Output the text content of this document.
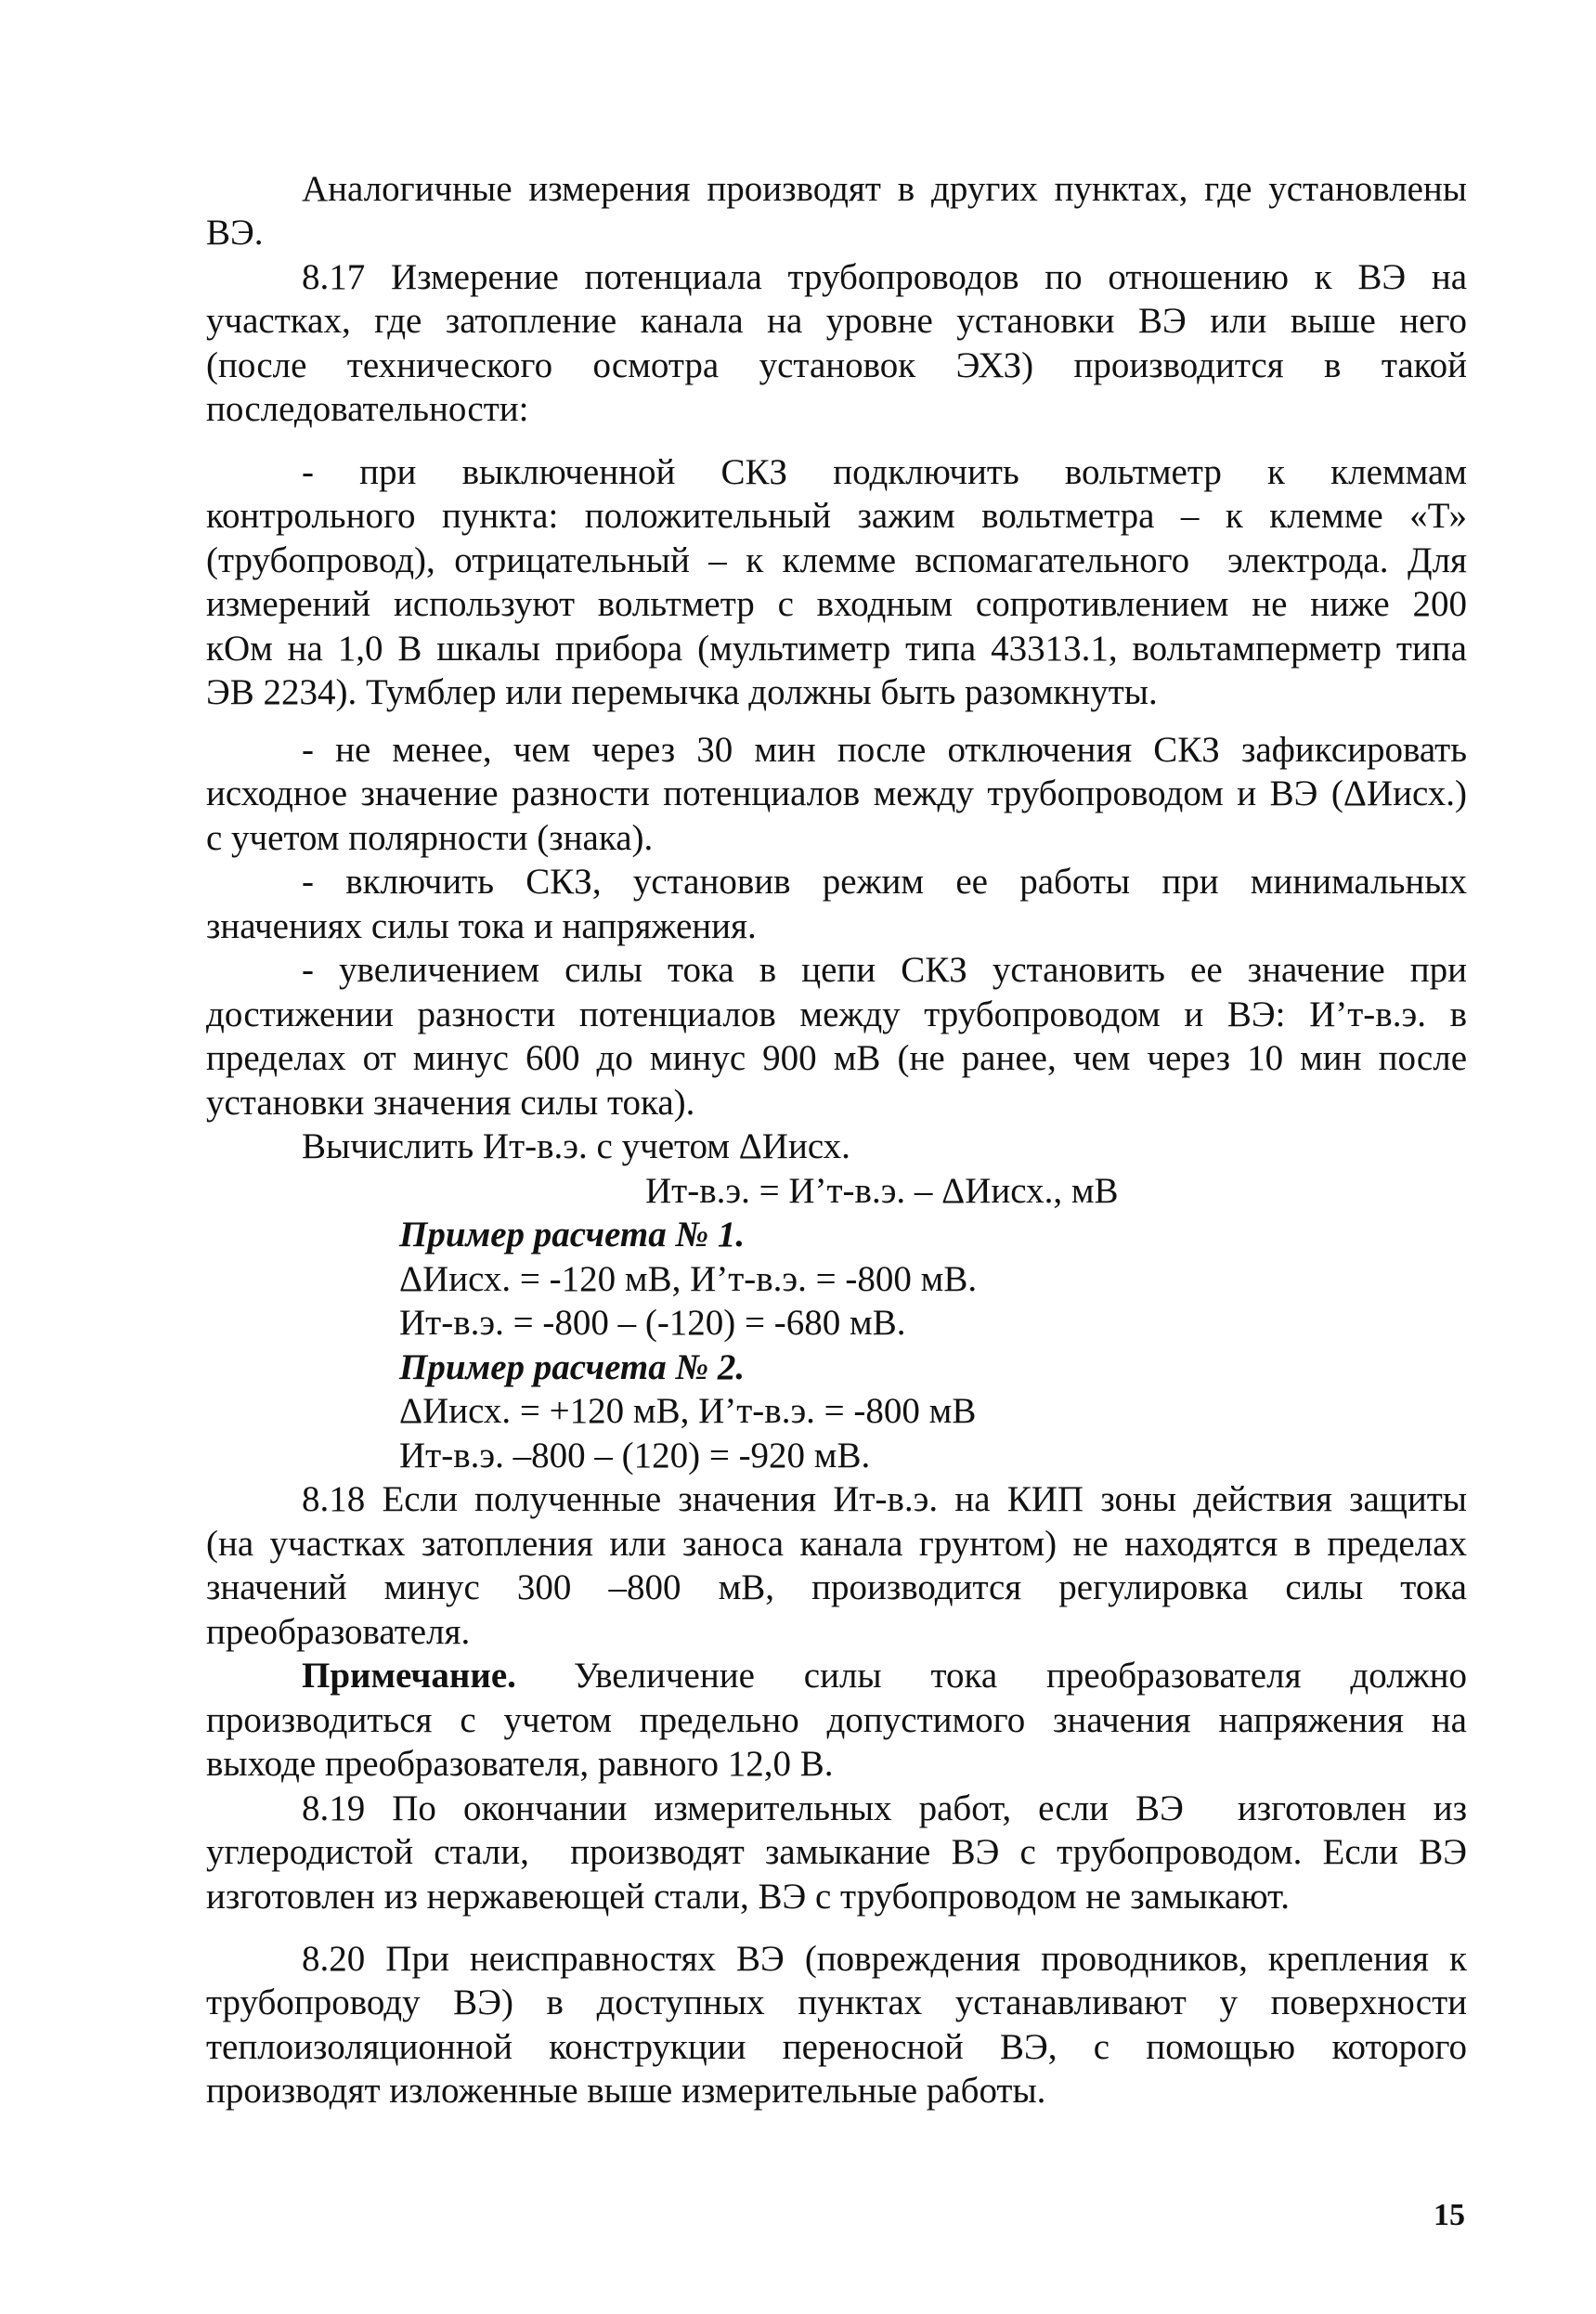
Аналогичные измерения производят в других пунктах, где установлены
ВЭ.
8.17 Измерение потенциала трубопроводов по отношению к ВЭ на
участках, где затопление канала на уровне установки ВЭ или выше него
(после технического осмотра установок ЭХЗ) производится в такой
последовательности:
- при выключенной СКЗ подключить вольтметр к клеммам
контрольного пункта: положительный зажим вольтметра – к клемме «Т»
(трубопровод), отрицательный – к клемме вспомагательного  электрода. Для
измерений используют вольтметр с входным сопротивлением не ниже 200
кОм на 1,0 В шкалы прибора (мультиметр типа 43313.1, вольтамперметр типа
ЭВ 2234). Тумблер или перемычка должны быть разомкнуты.
- не менее, чем через 30 мин после отключения СКЗ зафиксировать
исходное значение разности потенциалов между трубопроводом и ВЭ (ΔИисх.)
с учетом полярности (знака).
- включить СКЗ, установив режим ее работы при минимальных
значениях силы тока и напряжения.
- увеличением силы тока в цепи СКЗ установить ее значение при
достижении разности потенциалов между трубопроводом и ВЭ: И’т-в.э. в
пределах от минус 600 до минус 900 мВ (не ранее, чем через 10 мин после
установки значения силы тока).
Вычислить Ит-в.э. с учетом ΔИисх.
Ит-в.э. = И’т-в.э. – ΔИисх., мВ
Пример расчета № 1.
ΔИисх. = -120 мВ, И’т-в.э. = -800 мВ.
Ит-в.э. = -800 – (-120) = -680 мВ.
Пример расчета № 2.
ΔИисх. = +120 мВ, И’т-в.э. = -800 мВ
Ит-в.э. –800 – (120) = -920 мВ.
8.18 Если полученные значения Ит-в.э. на КИП зоны действия защиты
(на участках затопления или заноса канала грунтом) не находятся в пределах
значений минус 300 –800 мВ, производится регулировка силы тока
преобразователя.
Примечание. Увеличение силы тока преобразователя должно
производиться с учетом предельно допустимого значения напряжения на
выходе преобразователя, равного 12,0 В.
8.19 По окончании измерительных работ, если ВЭ  изготовлен из
углеродистой стали,  производят замыкание ВЭ с трубопроводом. Если ВЭ
изготовлен из нержавеющей стали, ВЭ с трубопроводом не замыкают.
8.20 При неисправностях ВЭ (повреждения проводников, крепления к
трубопроводу ВЭ) в доступных пунктах устанавливают у поверхности
теплоизоляционной конструкции переносной ВЭ, с помощью которого
производят изложенные выше измерительные работы.
15
